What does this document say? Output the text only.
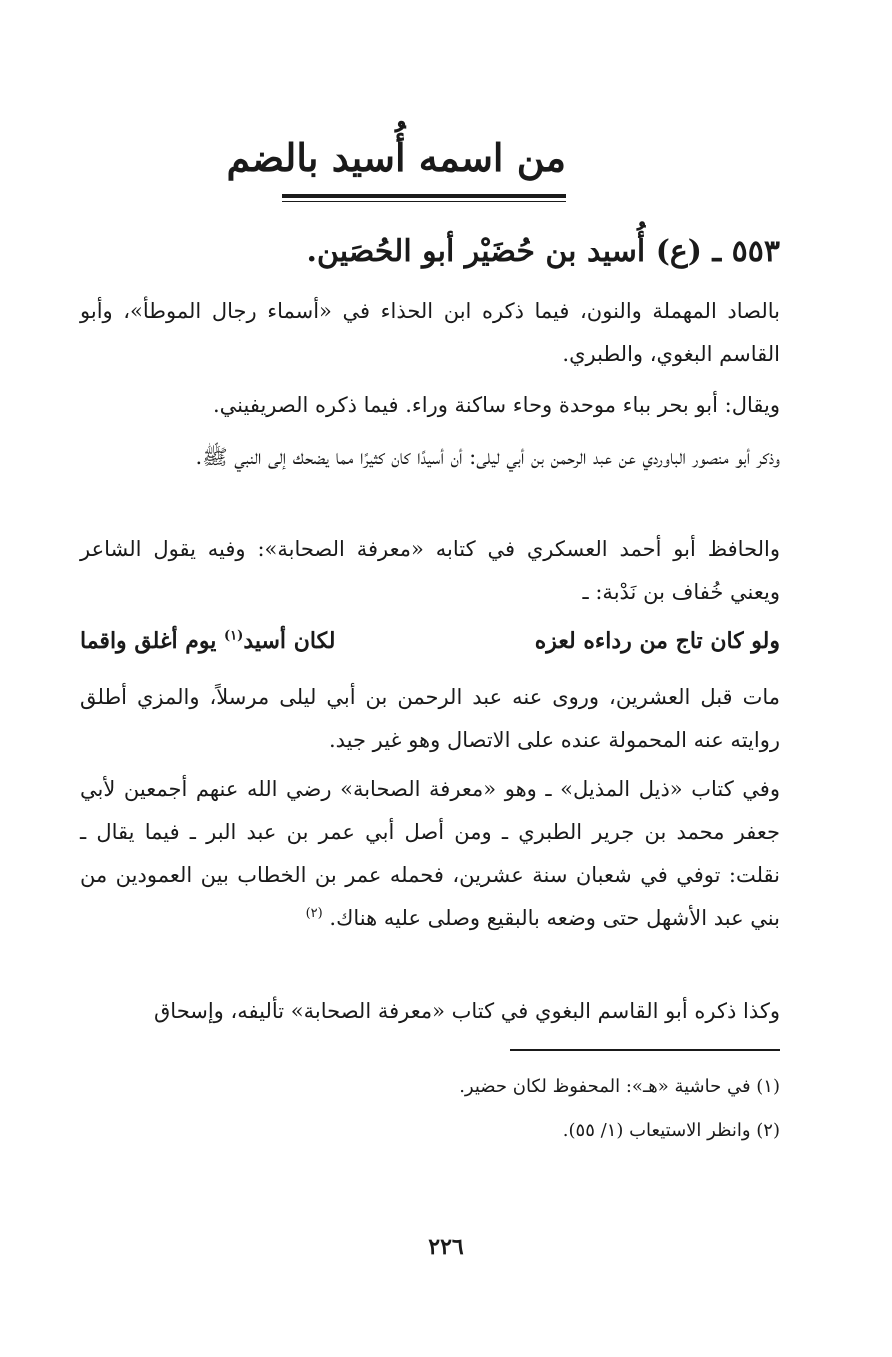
من اسمه أُسيد بالضم
٥٥٣ ـ (ع) أُسيد بن حُضَيْر أبو الحُصَين.
بالصاد المهملة والنون، فيما ذكره ابن الحذاء في «أسماء رجال الموطأ»، وأبو القاسم البغوي، والطبري.
ويقال: أبو بحر بباء موحدة وحاء ساكنة وراء. فيما ذكره الصريفيني.
وذكر أبو منصور الباوردي عن عبد الرحمن بن أبي ليلى: أن أسيدًا كان كثيرًا مما يضحك إلى النبي ﷺ.
والحافظ أبو أحمد العسكري في كتابه «معرفة الصحابة»: وفيه يقول الشاعر ويعني خُفاف بن نَدْبة: ـ
ولو كان تاج من رداءه لعزه
لكان أسيد$^{(١)}$ يوم أغلق واقما
مات قبل العشرين، وروى عنه عبد الرحمن بن أبي ليلى مرسلاً، والمزي أطلق روايته عنه المحمولة عنده على الاتصال وهو غير جيد.
وفي كتاب «ذيل المذيل» ـ وهو «معرفة الصحابة» رضي الله عنهم أجمعين لأبي جعفر محمد بن جرير الطبري ـ ومن أصل أبي عمر بن عبد البر ـ فيما يقال ـ نقلت: توفي في شعبان سنة عشرين، فحمله عمر بن الخطاب بين العمودين من بني عبد الأشهل حتى وضعه بالبقيع وصلى عليه هناك. $^{(٢)}$
وكذا ذكره أبو القاسم البغوي في كتاب «معرفة الصحابة» تأليفه، وإسحاق
(١) في حاشية «هـ»: المحفوظ لكان حضير.
(٢) وانظر الاستيعاب (١/ ٥٥).
٢٢٦
